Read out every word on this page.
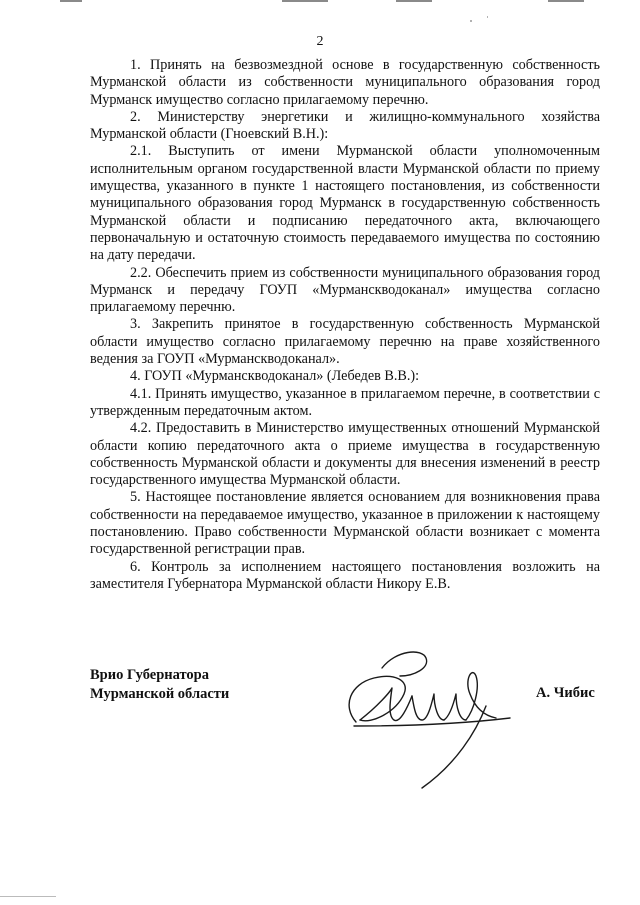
2

1. Принять на безвозмездной основе в государственную собственность Мурманской области из собственности муниципального образования город Мурманск имущество согласно прилагаемому перечню.

2. Министерству энергетики и жилищно-коммунального хозяйства Мурманской области (Гноевский В.Н.):

2.1. Выступить от имени Мурманской области уполномоченным исполнительным органом государственной власти Мурманской области по приему имущества, указанного в пункте 1 настоящего постановления, из собственности муниципального образования город Мурманск в государственную собственность Мурманской области и подписанию передаточного акта, включающего первоначальную и остаточную стоимость передаваемого имущества по состоянию на дату передачи.

2.2. Обеспечить прием из собственности муниципального образования город Мурманск и передачу ГОУП «Мурманскводоканал» имущества согласно прилагаемому перечню.

3. Закрепить принятое в государственную собственность Мурманской области имущество согласно прилагаемому перечню на праве хозяйственного ведения за ГОУП «Мурманскводоканал».

4. ГОУП «Мурманскводоканал» (Лебедев В.В.):

4.1. Принять имущество, указанное в прилагаемом перечне, в соответствии с утвержденным передаточным актом.

4.2. Предоставить в Министерство имущественных отношений Мурманской области копию передаточного акта о приеме имущества в государственную собственность Мурманской области и документы для внесения изменений в реестр государственного имущества Мурманской области.

5. Настоящее постановление является основанием для возникновения права собственности на передаваемое имущество, указанное в приложении к настоящему постановлению. Право собственности Мурманской области возникает с момента государственной регистрации прав.

6. Контроль за исполнением настоящего постановления возложить на заместителя Губернатора Мурманской области Никору Е.В.

Врио Губернатора
Мурманской области	А. Чибис
